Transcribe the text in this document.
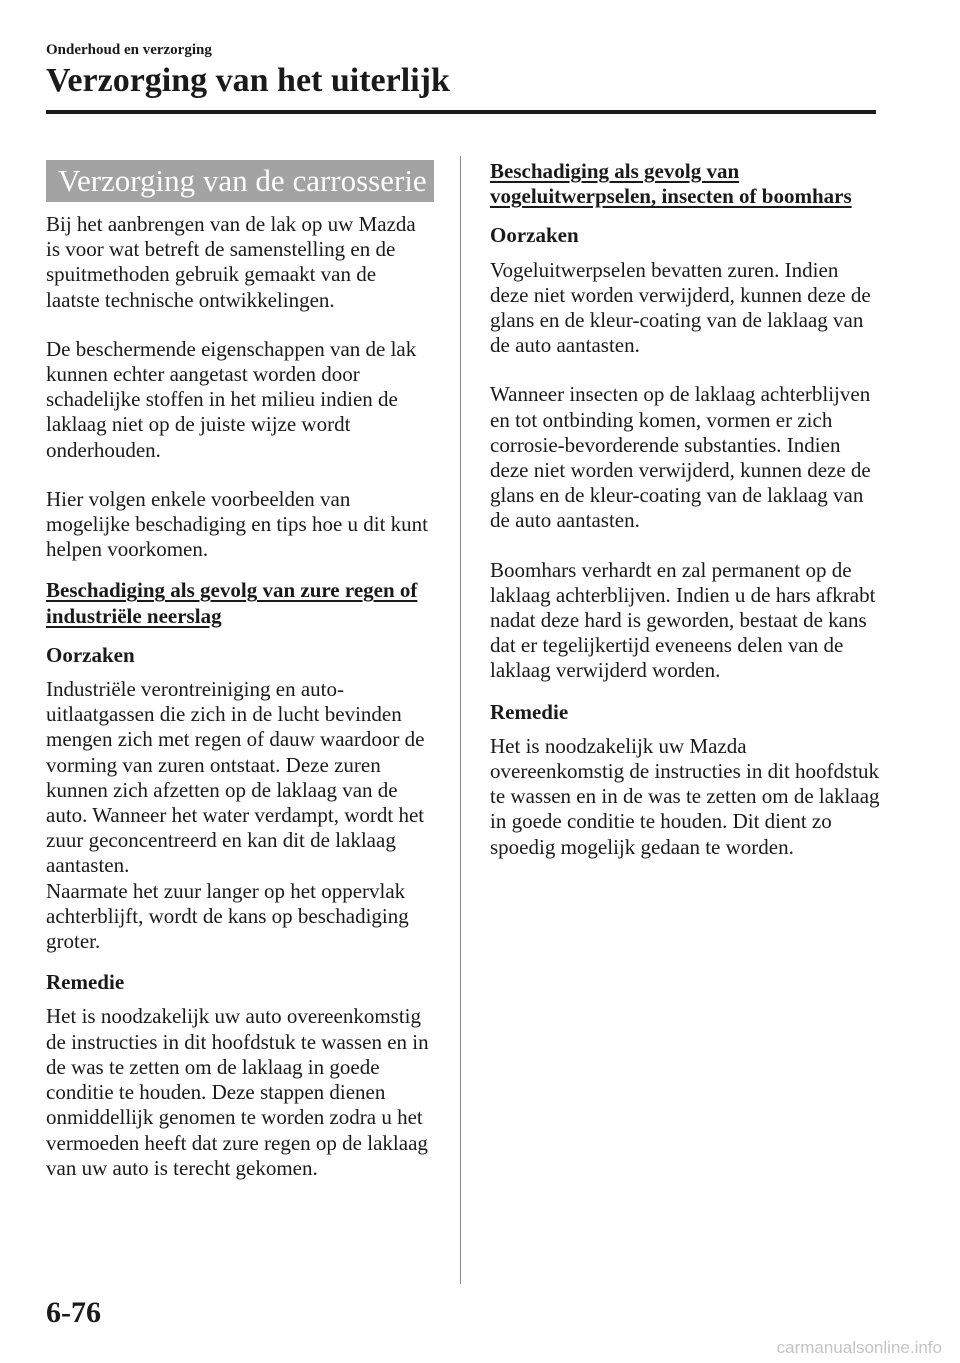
Onderhoud en verzorging
Verzorging van het uiterlijk
Verzorging van de carrosserie

Bij het aanbrengen van de lak op uw Mazda is voor wat betreft de samenstelling en de spuitmethoden gebruik gemaakt van de laatste technische ontwikkelingen.

De beschermende eigenschappen van de lak kunnen echter aangetast worden door schadelijke stoffen in het milieu indien de laklaag niet op de juiste wijze wordt onderhouden.

Hier volgen enkele voorbeelden van mogelijke beschadiging en tips hoe u dit kunt helpen voorkomen.

Beschadiging als gevolg van zure regen of industriële neerslag
Oorzaken

Industriële verontreiniging en auto-uitlaatgassen die zich in de lucht bevinden mengen zich met regen of dauw waardoor de vorming van zuren ontstaat. Deze zuren kunnen zich afzetten op de laklaag van de auto. Wanneer het water verdampt, wordt het zuur geconcentreerd en kan dit de laklaag aantasten.

Naarmate het zuur langer op het oppervlak achterblijft, wordt de kans op beschadiging groter.

Remedie

Het is noodzakelijk uw auto overeenkomstig de instructies in dit hoofdstuk te wassen en in de was te zetten om de laklaag in goede conditie te houden. Deze stappen dienen onmiddellijk genomen te worden zodra u het vermoeden heeft dat zure regen op de laklaag van uw auto is terecht gekomen.

Beschadiging als gevolg van vogeluitwerpselen, insecten of boomhars
Oorzaken

Vogeluitwerpselen bevatten zuren. Indien deze niet worden verwijderd, kunnen deze de glans en de kleur-coating van de laklaag van de auto aantasten.

Wanneer insecten op de laklaag achterblijven en tot ontbinding komen, vormen er zich corrosie-bevorderende substanties. Indien deze niet worden verwijderd, kunnen deze de glans en de kleur-coating van de laklaag van de auto aantasten.

Boomhars verhardt en zal permanent op de laklaag achterblijven. Indien u de hars afkrabt nadat deze hard is geworden, bestaat de kans dat er tegelijkertijd eveneens delen van de laklaag verwijderd worden.

Remedie

Het is noodzakelijk uw Mazda overeenkomstig de instructies in dit hoofdstuk te wassen en in de was te zetten om de laklaag in goede conditie te houden. Dit dient zo spoedig mogelijk gedaan te worden.

6-76
carmanualsonline.info
